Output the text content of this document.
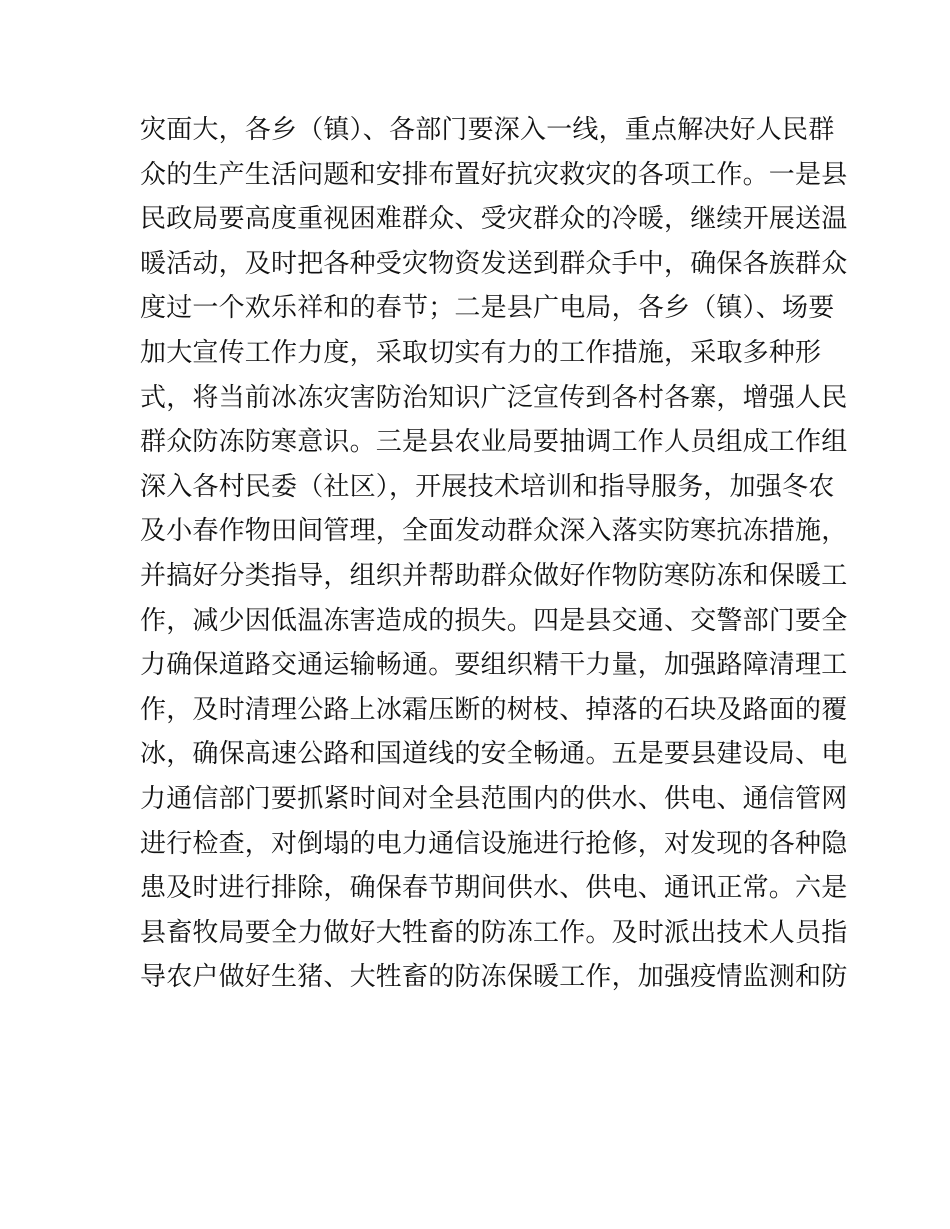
灾面大，各乡（镇）、各部门要深入一线，重点解决好人民群
众的生产生活问题和安排布置好抗灾救灾的各项工作。一是县
民政局要高度重视困难群众、受灾群众的冷暖，继续开展送温
暖活动，及时把各种受灾物资发送到群众手中，确保各族群众
度过一个欢乐祥和的春节；二是县广电局，各乡（镇）、场要
加大宣传工作力度，采取切实有力的工作措施，采取多种形
式，将当前冰冻灾害防治知识广泛宣传到各村各寨，增强人民
群众防冻防寒意识。三是县农业局要抽调工作人员组成工作组
深入各村民委（社区），开展技术培训和指导服务，加强冬农
及小春作物田间管理，全面发动群众深入落实防寒抗冻措施，
并搞好分类指导，组织并帮助群众做好作物防寒防冻和保暖工
作，减少因低温冻害造成的损失。四是县交通、交警部门要全
力确保道路交通运输畅通。要组织精干力量，加强路障清理工
作，及时清理公路上冰霜压断的树枝、掉落的石块及路面的覆
冰，确保高速公路和国道线的安全畅通。五是要县建设局、电
力通信部门要抓紧时间对全县范围内的供水、供电、通信管网
进行检查，对倒塌的电力通信设施进行抢修，对发现的各种隐
患及时进行排除，确保春节期间供水、供电、通讯正常。六是
县畜牧局要全力做好大牲畜的防冻工作。及时派出技术人员指
导农户做好生猪、大牲畜的防冻保暖工作，加强疫情监测和防
